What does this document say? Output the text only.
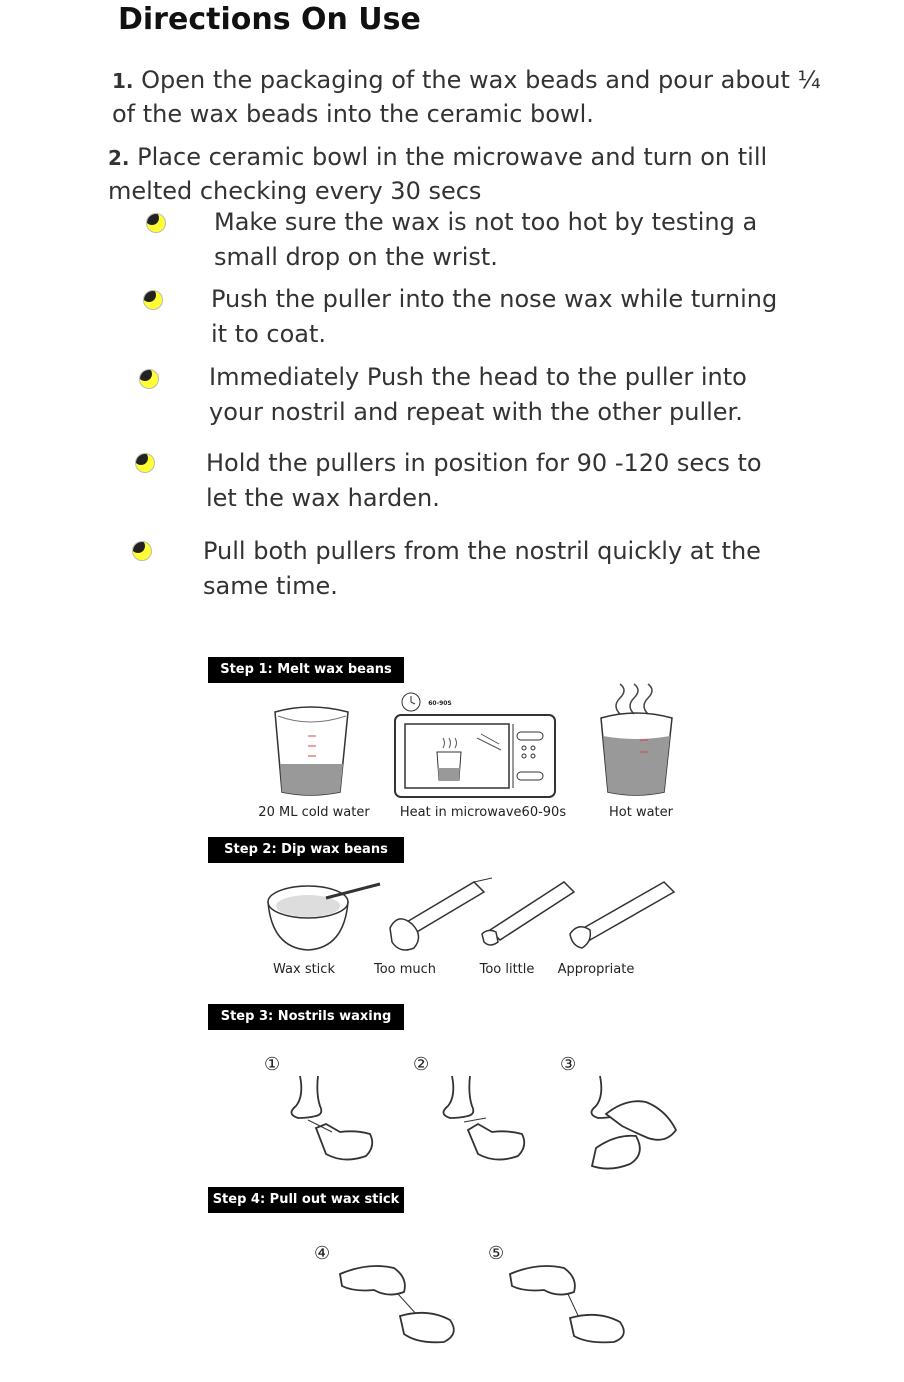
Directions On Use
1. Open the packaging of the wax beads and pour about ¼
of the wax beads into the ceramic bowl.
2. Place ceramic bowl in the microwave and turn on till
melted checking every 30 secs
Make sure the wax is not too hot by testing a
small drop on the wrist.
Push the puller into the nose wax while turning
it to coat.
Immediately Push the head to the puller into
your nostril and repeat with the other puller.
Hold the pullers in position for 90 -120 secs to
let the wax harden.
Pull both pullers from the nostril quickly at the
same time.
Step 1: Melt wax beans
20 ML cold water	Heat in microwave60-90s
60-90S
Hot water
Step 2: Dip wax beans
Wax stick	Too much	Too little	Appropriate
Step 3: Nostrils waxing
①	②	③
Step 4: Pull out wax stick
④	⑤
